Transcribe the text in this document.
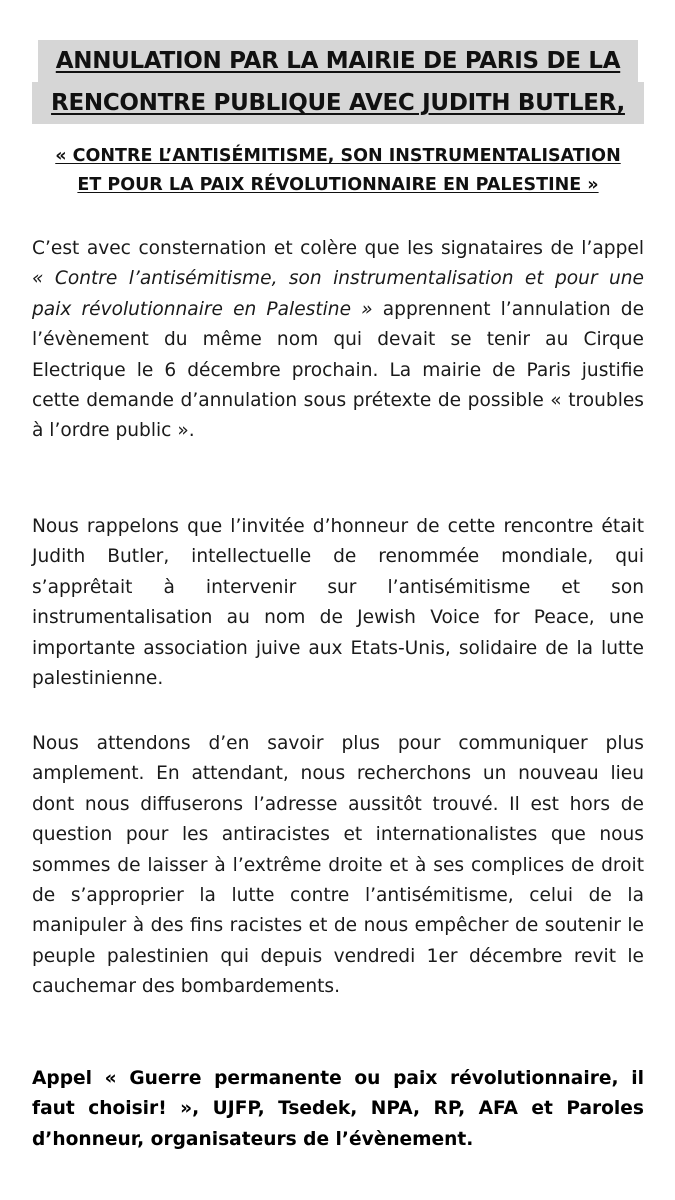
ANNULATION PAR LA MAIRIE DE PARIS DE LA
RENCONTRE PUBLIQUE AVEC JUDITH BUTLER,
« CONTRE L’ANTISÉMITISME, SON INSTRUMENTALISATION
ET POUR LA PAIX RÉVOLUTIONNAIRE EN PALESTINE »

C’est avec consternation et colère que les signataires de l’appel « Contre l’antisémitisme, son instrumentalisation et pour une paix révolutionnaire en Palestine » apprennent l’annulation de l’évènement du même nom qui devait se tenir au Cirque Electrique le 6 décembre prochain. La mairie de Paris justifie cette demande d’annulation sous prétexte de possible « troubles à l’ordre public ».

Nous rappelons que l’invitée d’honneur de cette rencontre était Judith Butler, intellectuelle de renommée mondiale, qui s’apprêtait à intervenir sur l’antisémitisme et son instrumentalisation au nom de Jewish Voice for Peace, une importante association juive aux Etats-Unis, solidaire de la lutte palestinienne.

Nous attendons d’en savoir plus pour communiquer plus amplement. En attendant, nous recherchons un nouveau lieu dont nous diffuserons l’adresse aussitôt trouvé. Il est hors de question pour les antiracistes et internationalistes que nous sommes de laisser à l’extrême droite et à ses complices de droit de s’approprier la lutte contre l’antisémitisme, celui de la manipuler à des fins racistes et de nous empêcher de soutenir le peuple palestinien qui depuis vendredi 1er décembre revit le cauchemar des bombardements.

Appel « Guerre permanente ou paix révolutionnaire, il faut choisir! », UJFP, Tsedek, NPA, RP, AFA et Paroles d’honneur, organisateurs de l’évènement.
